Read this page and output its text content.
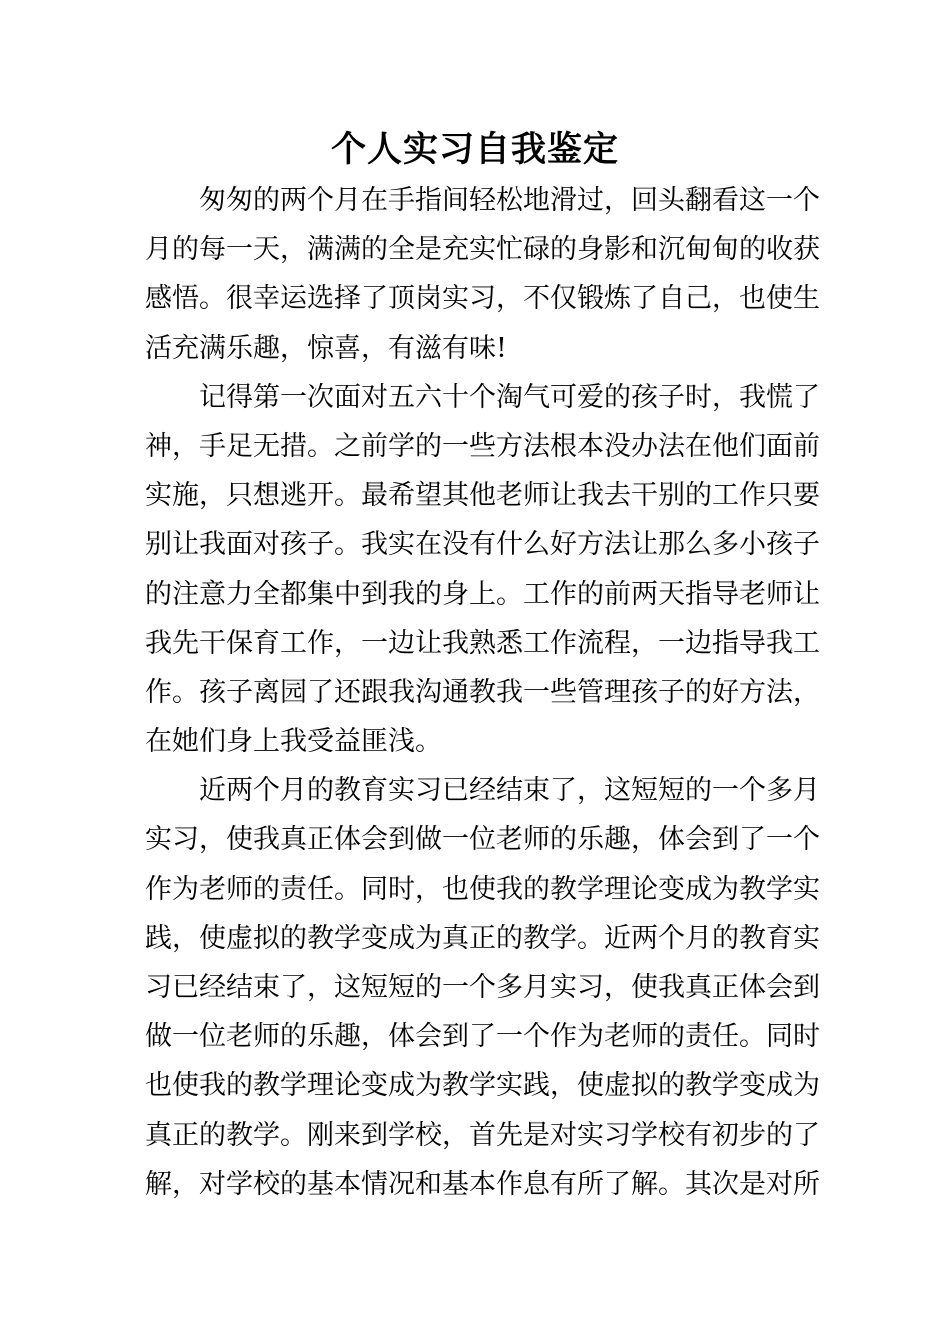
个人实习自我鉴定
匆匆的两个月在手指间轻松地滑过，回头翻看这一个
月的每一天，满满的全是充实忙碌的身影和沉甸甸的收获
感悟。很幸运选择了顶岗实习，不仅锻炼了自己，也使生
活充满乐趣，惊喜，有滋有味!
记得第一次面对五六十个淘气可爱的孩子时，我慌了
神，手足无措。之前学的一些方法根本没办法在他们面前
实施，只想逃开。最希望其他老师让我去干别的工作只要
别让我面对孩子。我实在没有什么好方法让那么多小孩子
的注意力全都集中到我的身上。工作的前两天指导老师让
我先干保育工作，一边让我熟悉工作流程，一边指导我工
作。孩子离园了还跟我沟通教我一些管理孩子的好方法，
在她们身上我受益匪浅。
近两个月的教育实习已经结束了，这短短的一个多月
实习，使我真正体会到做一位老师的乐趣，体会到了一个
作为老师的责任。同时，也使我的教学理论变成为教学实
践，使虚拟的教学变成为真正的教学。近两个月的教育实
习已经结束了，这短短的一个多月实习，使我真正体会到
做一位老师的乐趣，体会到了一个作为老师的责任。同时
也使我的教学理论变成为教学实践，使虚拟的教学变成为
真正的教学。刚来到学校，首先是对实习学校有初步的了
解，对学校的基本情况和基本作息有所了解。其次是对所
